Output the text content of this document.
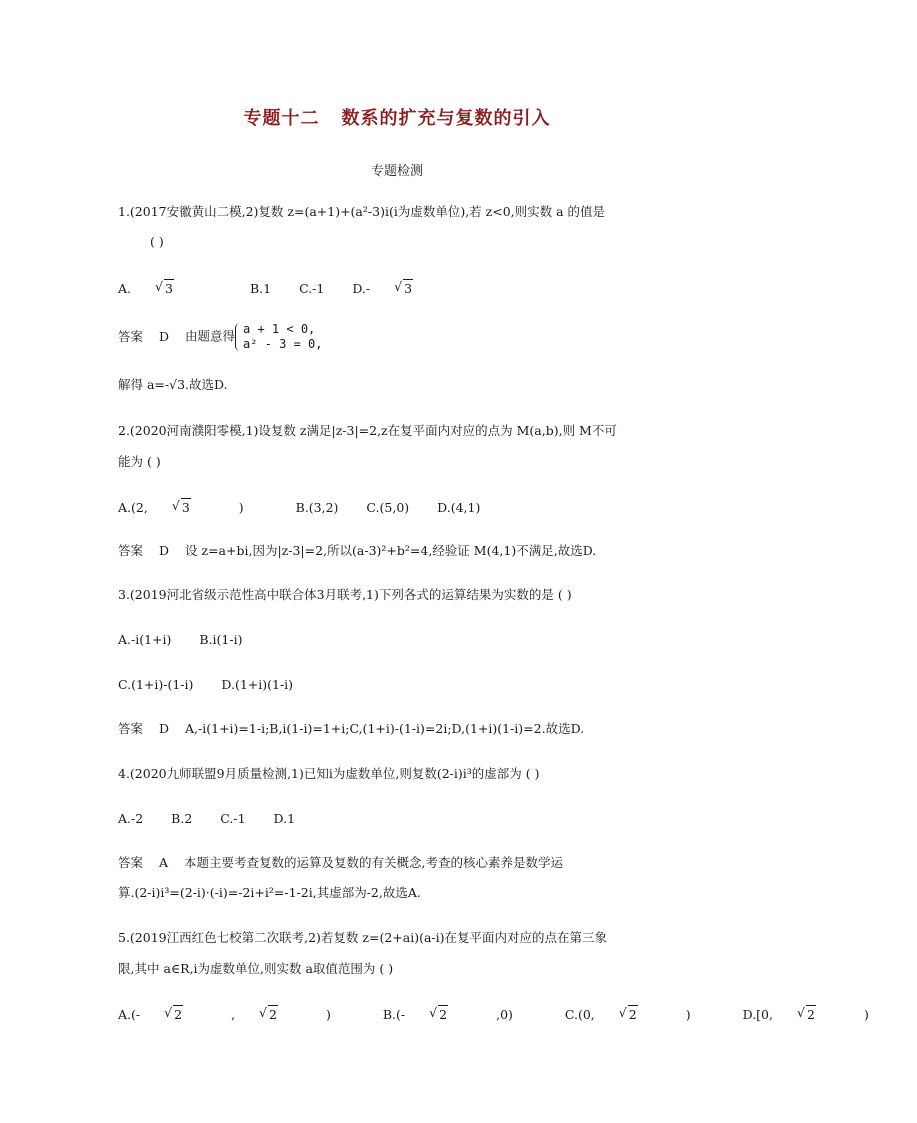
专题十二 数系的扩充与复数的引入
专题检测
1.(2017安徽黄山二模,2)复数 z=(a+1)+(a²-3)i(i为虚数单位),若 z<0,则实数 a 的值是
( )
A.	√ 3	B.1 C.-1 D.-	√ 3
答案 D 由题意得 a + 1 < 0,
a² - 3 = 0,
解得 a=-√3.故选D.
2.(2020河南濮阳零模,1)设复数 z满足|z-3|=2,z在复平面内对应的点为 M(a,b),则 M不可
能为 ( )
A.(2,	√ 3	)	B.(3,2) C.(5,0) D.(4,1)
答案 D 设 z=a+bi,因为|z-3|=2,所以(a-3)²+b²=4,经验证 M(4,1)不满足,故选D.
3.(2019河北省级示范性高中联合体3月联考,1)下列各式的运算结果为实数的是 ( )
A.-i(1+i) B.i(1-i)
C.(1+i)-(1-i) D.(1+i)(1-i)
答案 D A,-i(1+i)=1-i;B,i(1-i)=1+i;C,(1+i)-(1-i)=2i;D,(1+i)(1-i)=2.故选D.
4.(2020九师联盟9月质量检测,1)已知i为虚数单位,则复数(2-i)i³的虚部为 ( )
A.-2 B.2 C.-1 D.1
答案 A 本题主要考查复数的运算及复数的有关概念,考查的核心素养是数学运
算.(2-i)i³=(2-i)·(-i)=-2i+i²=-1-2i,其虚部为-2,故选A.
5.(2019江西红色七校第二次联考,2)若复数 z=(2+ai)(a-i)在复平面内对应的点在第三象
限,其中 a∈R,i为虚数单位,则实数 a取值范围为 ( )
A.(-	√ 2	,	√ 2	)	B.(-	√ 2	,0)	C.(0,	√ 2	)	D.[0,	√ 2	)
